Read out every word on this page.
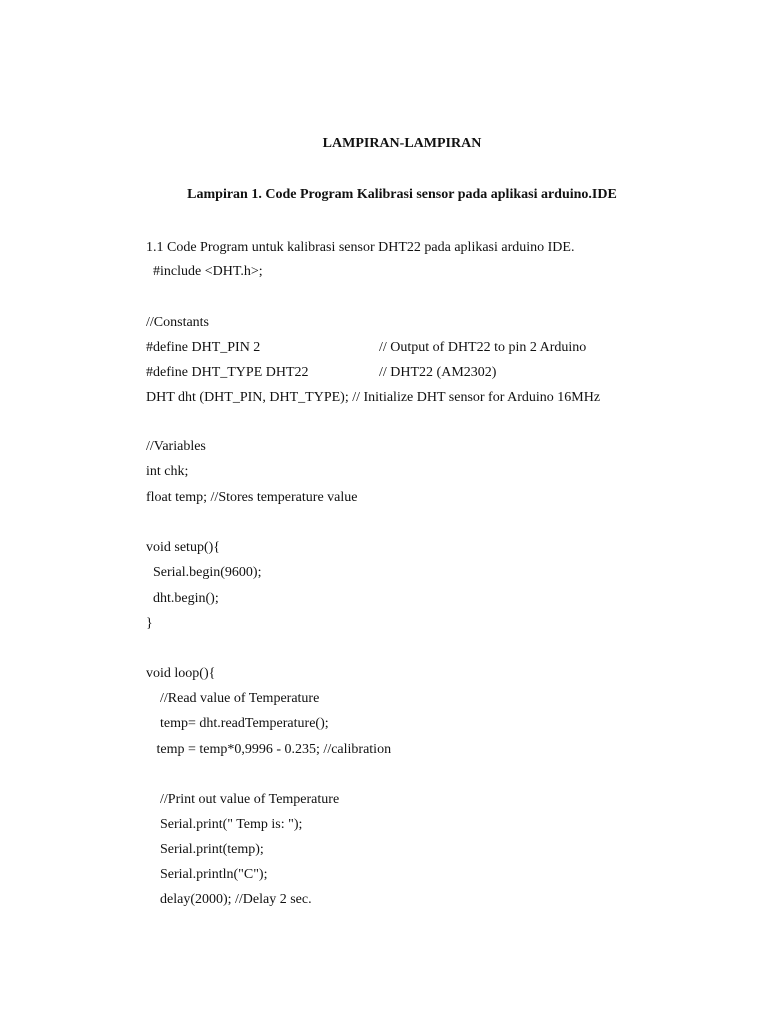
LAMPIRAN-LAMPIRAN
Lampiran 1. Code Program Kalibrasi sensor pada aplikasi arduino.IDE
1.1 Code Program untuk kalibrasi sensor DHT22 pada aplikasi arduino IDE.
#include <DHT.h>;
//Constants
#define DHT_PIN 2	// Output of DHT22 to pin 2 Arduino
#define DHT_TYPE DHT22	// DHT22 (AM2302)
DHT dht (DHT_PIN, DHT_TYPE); // Initialize DHT sensor for Arduino 16MHz
//Variables
int chk;
float temp; //Stores temperature value
void setup(){
Serial.begin(9600);
dht.begin();
}
void loop(){
//Read value of Temperature
temp= dht.readTemperature();
temp = temp*0,9996 - 0.235; //calibration
//Print out value of Temperature
Serial.print(" Temp is: ");
Serial.print(temp);
Serial.println("C");
delay(2000); //Delay 2 sec.
